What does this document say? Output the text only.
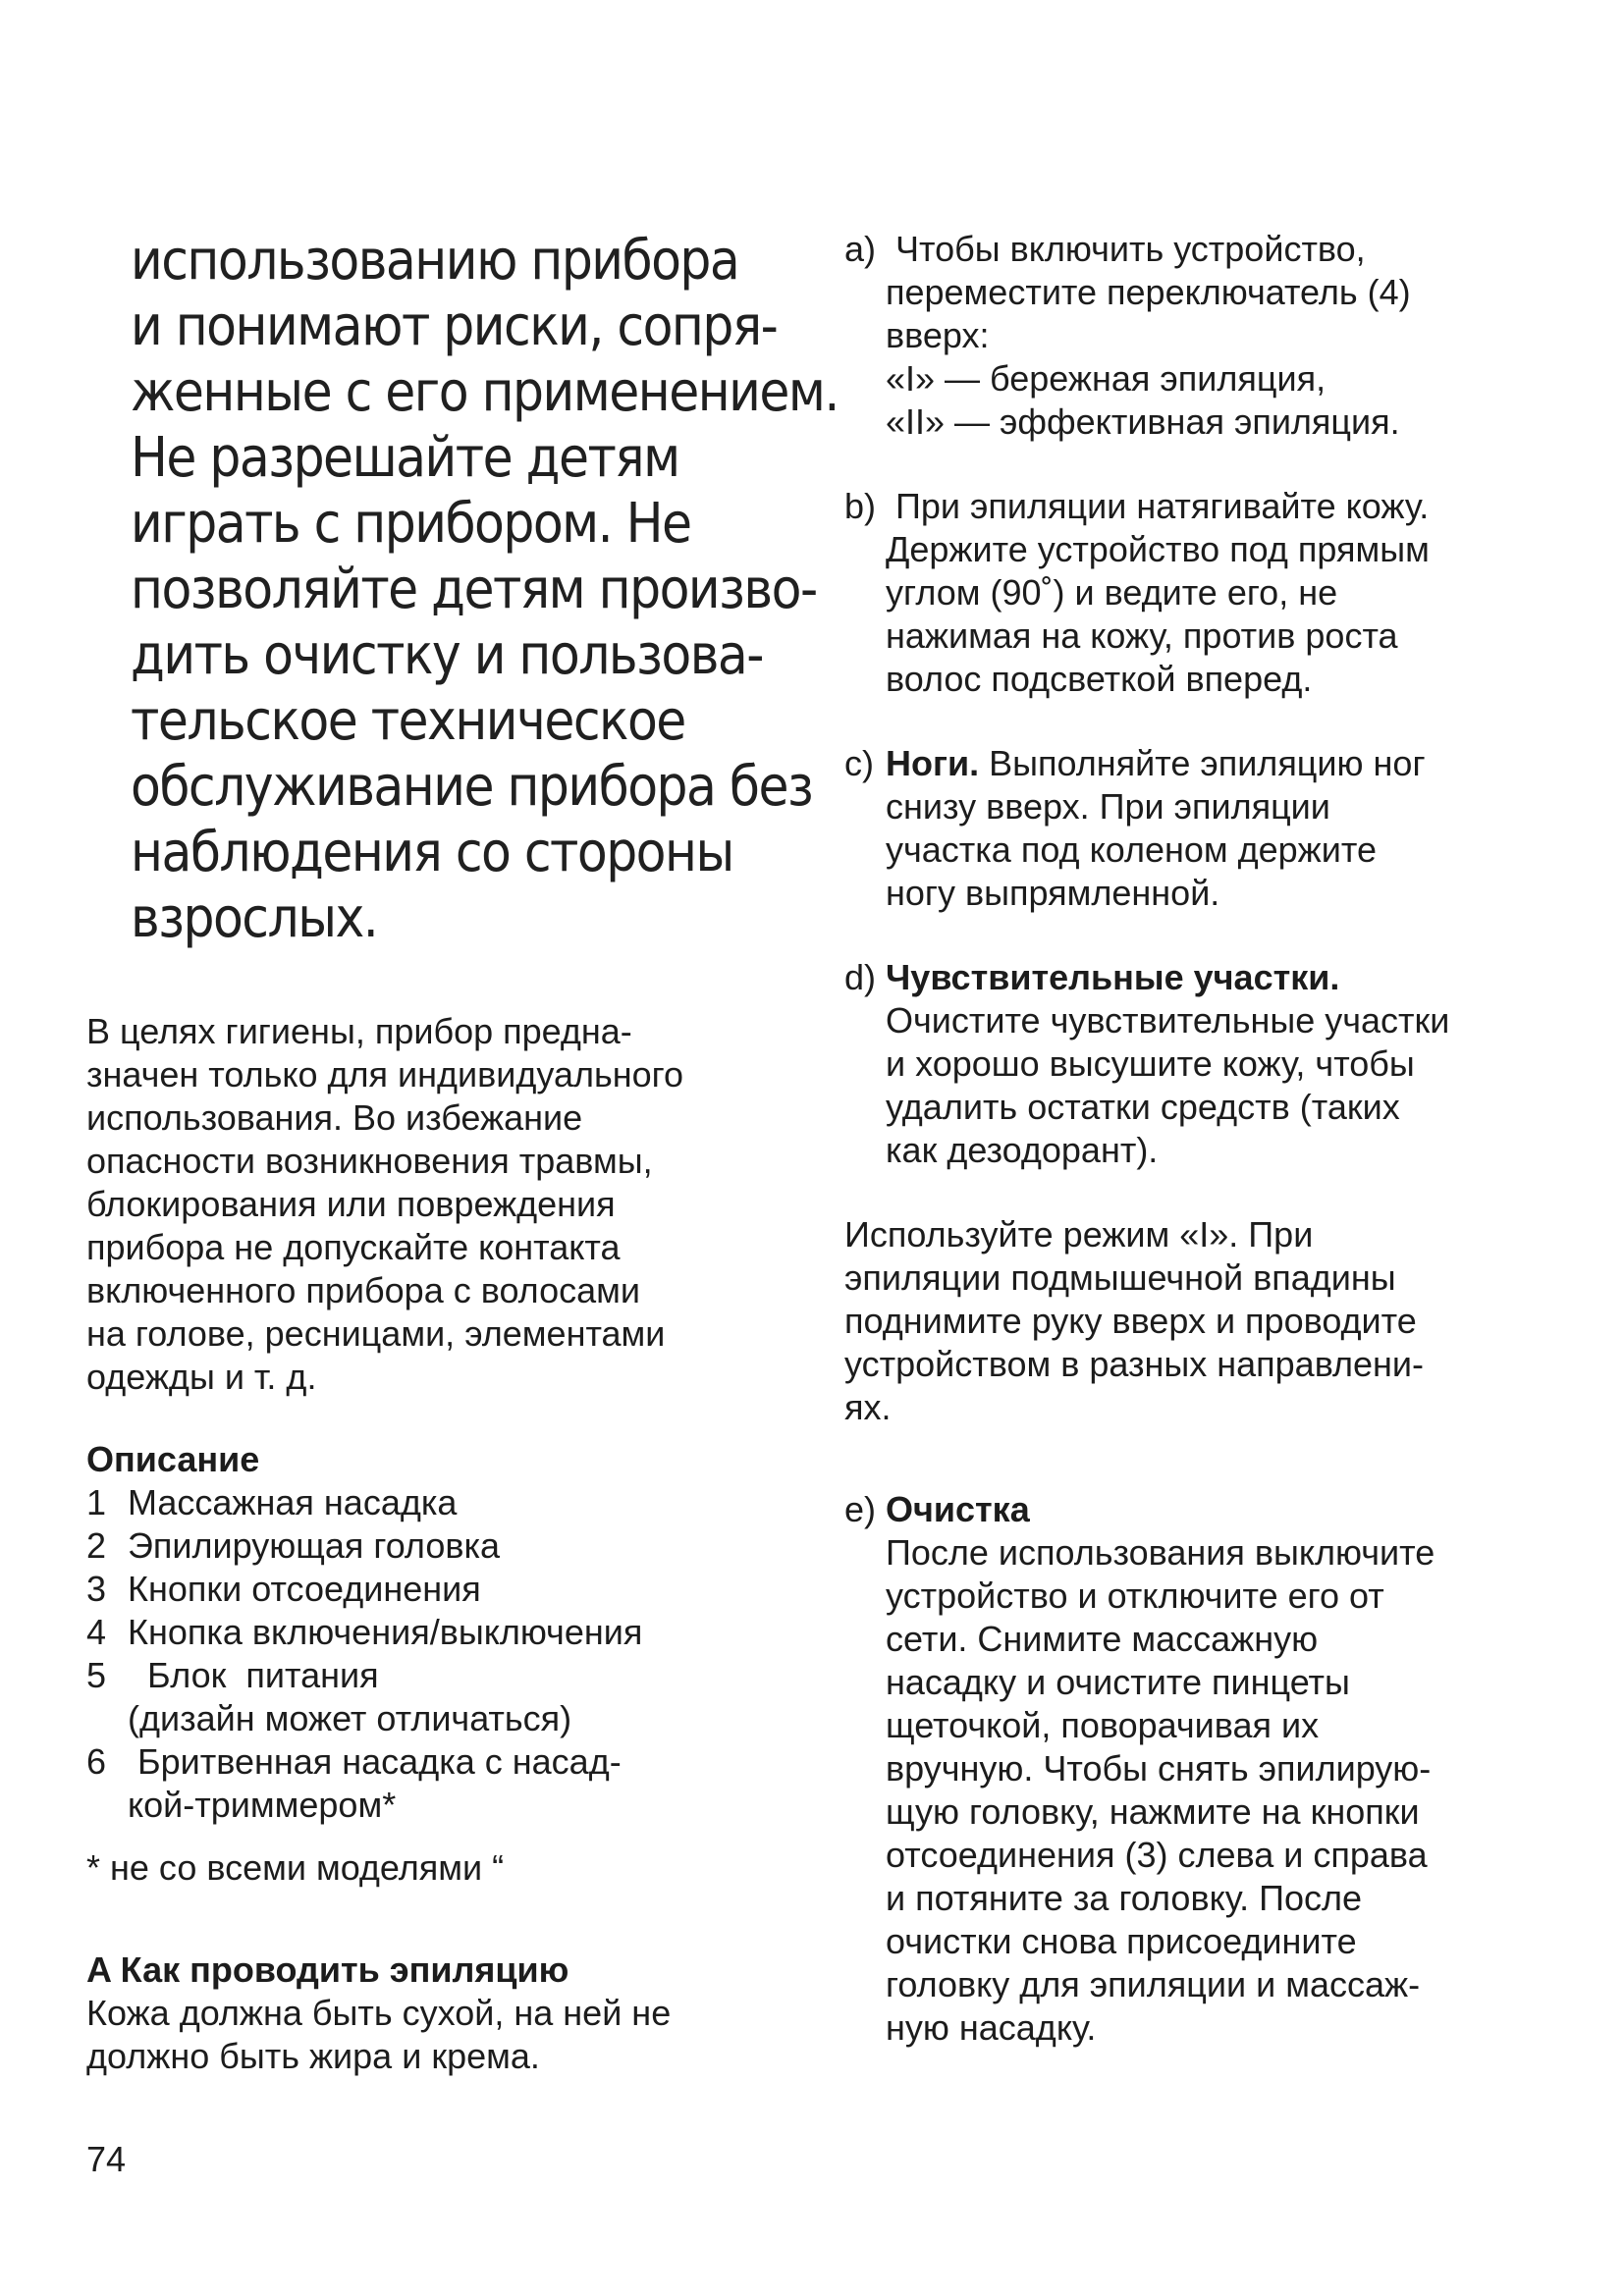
использованию прибора
и понимают риски, сопря-
женные с его применением.
Не разрешайте детям
играть с прибором. Не
позволяйте детям произво-
дить очистку и пользова-
тельское техническое
обслуживание прибора без
наблюдения со стороны
взрослых.
В целях гигиены, прибор предна-
значен только для индивидуального
использования. Во избежание
опасности возникновения травмы,
блокирования или повреждения
прибора не допускайте контакта
включенного прибора с волосами
на голове, ресницами, элементами
одежды и т. д.
Описание
1 Массажная насадка
2 Эпилирующая головка
3 Кнопки отсоединения
4 Кнопка включения/выключения
5 Блок  питания
(дизайн может отличаться)
6 Бритвенная насадка с насад-
кой-триммером*
* не со всеми моделями “
A Как проводить эпиляцию
Кожа должна быть сухой, на ней не
должно быть жира и крема.
74
a) Чтобы включить устройство,
переместите переключатель (4)
вверх:
«I» — бережная эпиляция,
«II» — эффективная эпиляция.
b) При эпиляции натягивайте кожу.
Держите устройство под прямым
углом (90˚) и ведите его, не
нажимая на кожу, против роста
волос подсветкой вперед.
c) Ноги. Выполняйте эпиляцию ног
снизу вверх. При эпиляции
участка под коленом держите
ногу выпрямленной.
d) Чувствительные участки.
Очистите чувствительные участки
и хорошо высушите кожу, чтобы
удалить остатки средств (таких
как дезодорант).
Используйте режим «I». При
эпиляции подмышечной впадины
поднимите руку вверх и проводите
устройством в разных направлени-
ях.
e) Очистка
После использования выключите
устройство и отключите его от
сети. Снимите массажную
насадку и очистите пинцеты
щеточкой, поворачивая их
вручную. Чтобы снять эпилирую-
щую головку, нажмите на кнопки
отсоединения (3) слева и справа
и потяните за головку. После
очистки снова присоедините
головку для эпиляции и массаж-
ную насадку.
